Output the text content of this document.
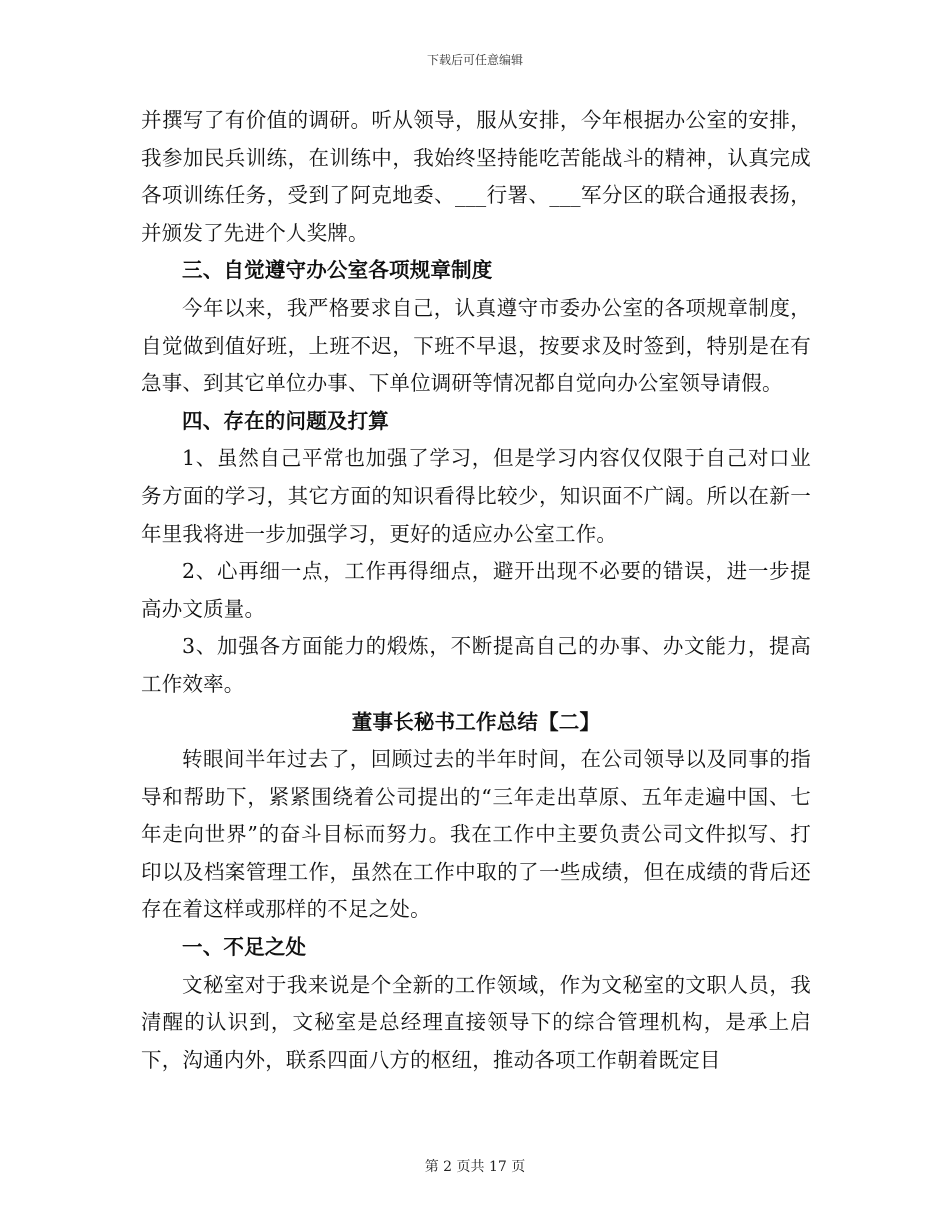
下载后可任意编辑

并撰写了有价值的调研。听从领导，服从安排，今年根据办公室的安排，我参加民兵训练，在训练中，我始终坚持能吃苦能战斗的精神，认真完成各项训练任务，受到了阿克地委、___行署、___军分区的联合通报表扬，并颁发了先进个人奖牌。

三、自觉遵守办公室各项规章制度

今年以来，我严格要求自己，认真遵守市委办公室的各项规章制度，自觉做到值好班，上班不迟，下班不早退，按要求及时签到，特别是在有急事、到其它单位办事、下单位调研等情况都自觉向办公室领导请假。

四、存在的问题及打算

1、虽然自己平常也加强了学习，但是学习内容仅仅限于自己对口业务方面的学习，其它方面的知识看得比较少，知识面不广阔。所以在新一年里我将进一步加强学习，更好的适应办公室工作。

2、心再细一点，工作再得细点，避开出现不必要的错误，进一步提高办文质量。

3、加强各方面能力的煅炼，不断提高自己的办事、办文能力，提高工作效率。

董事长秘书工作总结【二】

转眼间半年过去了，回顾过去的半年时间，在公司领导以及同事的指导和帮助下，紧紧围绕着公司提出的“三年走出草原、五年走遍中国、七年走向世界”的奋斗目标而努力。我在工作中主要负责公司文件拟写、打印以及档案管理工作，虽然在工作中取的了一些成绩，但在成绩的背后还存在着这样或那样的不足之处。

一、不足之处

文秘室对于我来说是个全新的工作领域，作为文秘室的文职人员，我清醒的认识到，文秘室是总经理直接领导下的综合管理机构，是承上启下，沟通内外，联系四面八方的枢纽，推动各项工作朝着既定目

第 2 页共 17 页
